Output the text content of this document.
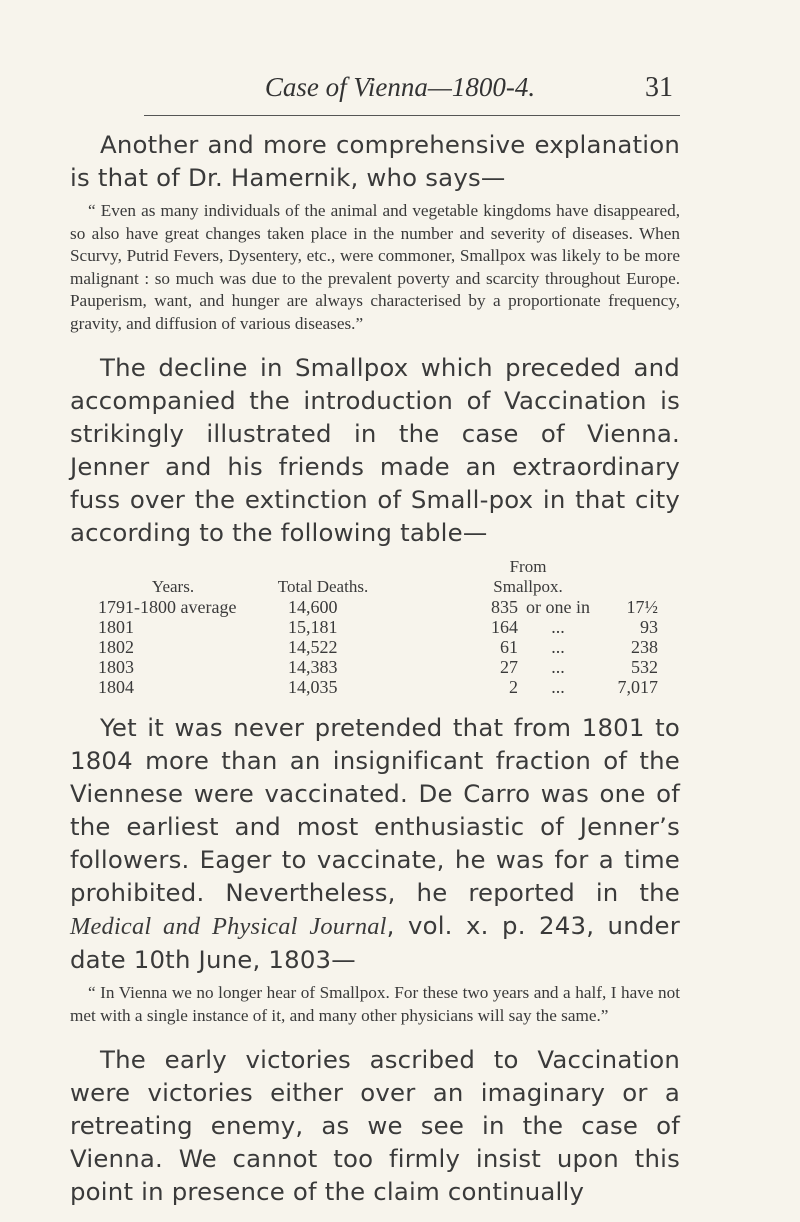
Case of Vienna—1800-4.	31

Another and more comprehensive explanation is that of Dr. Hamernik, who says—

“ Even as many individuals of the animal and vegetable kingdoms have disappeared, so also have great changes taken place in the number and severity of diseases. When Scurvy, Putrid Fevers, Dysentery, etc., were commoner, Smallpox was likely to be more malignant : so much was due to the prevalent poverty and scarcity throughout Europe. Pauperism, want, and hunger are always characterised by a proportionate frequency, gravity, and diffusion of various diseases.”

The decline in Smallpox which preceded and accompanied the introduction of Vaccination is strikingly illustrated in the case of Vienna. Jenner and his friends made an extraordinary fuss over the extinction of Small-pox in that city according to the following table—

			From		
Years.	Total Deaths.		Smallpox.		
1791-1800 average		14,600	835	or one in	17½
1801		15,181	164	...	93
1802		14,522	61	...	238
1803		14,383	27	...	532
1804		14,035	2	...	7,017

Yet it was never pretended that from 1801 to 1804 more than an insignificant fraction of the Viennese were vaccinated. De Carro was one of the earliest and most enthusiastic of Jenner’s followers. Eager to vaccinate, he was for a time prohibited. Nevertheless, he reported in the Medical and Physical Journal, vol. x. p. 243, under date 10th June, 1803—

“ In Vienna we no longer hear of Smallpox. For these two years and a half, I have not met with a single instance of it, and many other physicians will say the same.”

The early victories ascribed to Vaccination were victories either over an imaginary or a retreating enemy, as we see in the case of Vienna. We cannot too firmly insist upon this point in presence of the claim continually
